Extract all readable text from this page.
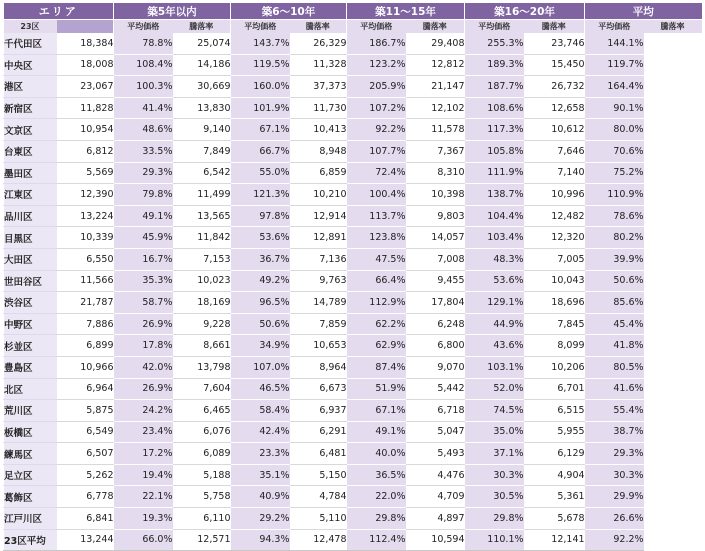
エリア		築5年以内		築6〜10年		築11〜15年		築16〜20年		平均	
23区		平均価格	騰落率	平均価格	騰落率	平均価格	騰落率	平均価格	騰落率	平均価格	騰落率
千代田区	18,384	78.8%	25,074	143.7%	26,329	186.7%	29,408	255.3%	23,746	144.1%	
中央区	18,008	108.4%	14,186	119.5%	11,328	123.2%	12,812	189.3%	15,450	119.7%	
港区	23,067	100.3%	30,669	160.0%	37,373	205.9%	21,147	187.7%	26,732	164.4%	
新宿区	11,828	41.4%	13,830	101.9%	11,730	107.2%	12,102	108.6%	12,658	90.1%	
文京区	10,954	48.6%	9,140	67.1%	10,413	92.2%	11,578	117.3%	10,612	80.0%	
台東区	6,812	33.5%	7,849	66.7%	8,948	107.7%	7,367	105.8%	7,646	70.6%	
墨田区	5,569	29.3%	6,542	55.0%	6,859	72.4%	8,310	111.9%	7,140	75.2%	
江東区	12,390	79.8%	11,499	121.3%	10,210	100.4%	10,398	138.7%	10,996	110.9%	
品川区	13,224	49.1%	13,565	97.8%	12,914	113.7%	9,803	104.4%	12,482	78.6%	
目黒区	10,339	45.9%	11,842	53.6%	12,891	123.8%	14,057	103.4%	12,320	80.2%	
大田区	6,550	16.7%	7,153	36.7%	7,136	47.5%	7,008	48.3%	7,005	39.9%	
世田谷区	11,566	35.3%	10,023	49.2%	9,763	66.4%	9,455	53.6%	10,043	50.6%	
渋谷区	21,787	58.7%	18,169	96.5%	14,789	112.9%	17,804	129.1%	18,696	85.6%	
中野区	7,886	26.9%	9,228	50.6%	7,859	62.2%	6,248	44.9%	7,845	45.4%	
杉並区	6,899	17.8%	8,661	34.9%	10,653	62.9%	6,800	43.6%	8,099	41.8%	
豊島区	10,966	42.0%	13,798	107.0%	8,964	87.4%	9,070	103.1%	10,206	80.5%	
北区	6,964	26.9%	7,604	46.5%	6,673	51.9%	5,442	52.0%	6,701	41.6%	
荒川区	5,875	24.2%	6,465	58.4%	6,937	67.1%	6,718	74.5%	6,515	55.4%	
板橋区	6,549	23.4%	6,076	42.4%	6,291	49.1%	5,047	35.0%	5,955	38.7%	
練馬区	6,507	17.2%	6,089	23.3%	6,481	40.0%	5,493	37.1%	6,129	29.3%	
足立区	5,262	19.4%	5,188	35.1%	5,150	36.5%	4,476	30.3%	4,904	30.3%	
葛飾区	6,778	22.1%	5,758	40.9%	4,784	22.0%	4,709	30.5%	5,361	29.9%	
江戸川区	6,841	19.3%	6,110	29.2%	5,110	29.8%	4,897	29.8%	5,678	26.6%	
23区平均	13,244	66.0%	12,571	94.3%	12,478	112.4%	10,594	110.1%	12,141	92.2%	
